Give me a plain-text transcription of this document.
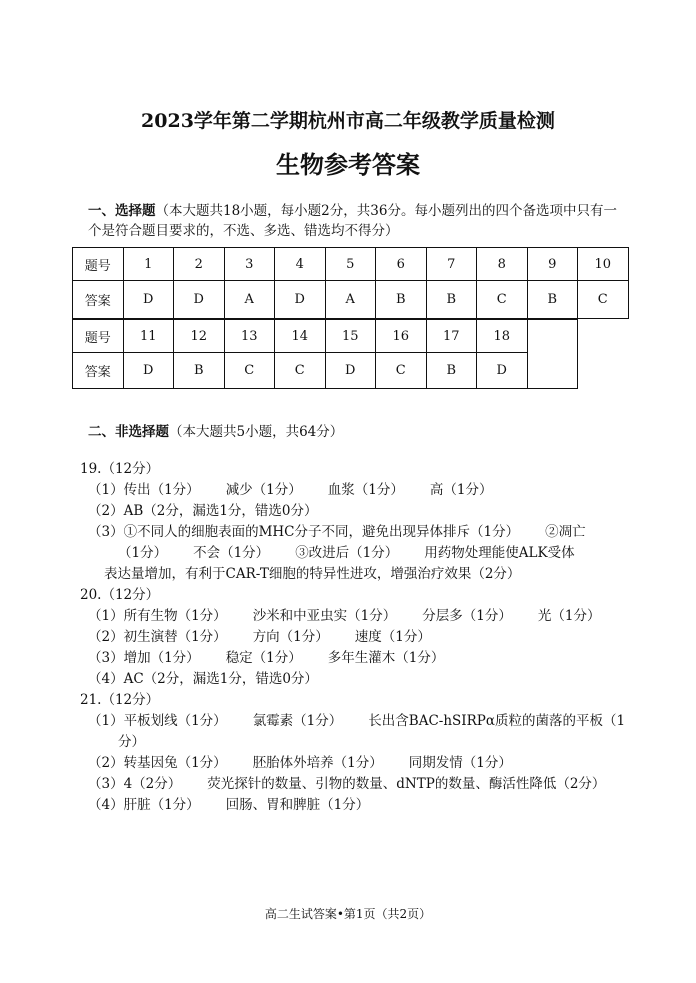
2023学年第二学期杭州市高二年级教学质量检测
生物参考答案
一、选择题（本大题共18小题，每小题2分，共36分。每小题列出的四个备选项中只有一个是符合题目要求的，不选、多选、错选均不得分）
题号	1	2	3	4	5	6	7	8	9	10
答案	D	D	A	D	A	B	B	C	B	C
题号	11	12	13	14	15	16	17	18	
答案	D	B	C	C	D	C	B	D	
二、非选择题（本大题共5小题，共64分）
19.（12分）
（1）传出（1分） 减少（1分） 血浆（1分） 高（1分）
（2）AB（2分，漏选1分，错选0分）
（3）①不同人的细胞表面的MHC分子不同，避免出现异体排斥（1分） ②凋亡
（1分） 不会（1分） ③改进后（1分） 用药物处理能使ALK受体
表达量增加，有利于CAR-T细胞的特异性进攻，增强治疗效果（2分）
20.（12分）
（1）所有生物（1分） 沙米和中亚虫实（1分） 分层多（1分） 光（1分）
（2）初生演替（1分） 方向（1分） 速度（1分）
（3）增加（1分） 稳定（1分） 多年生灌木（1分）
（4）AC（2分，漏选1分，错选0分）
21.（12分）
（1）平板划线（1分） 氯霉素（1分） 长出含BAC-hSIRPα质粒的菌落的平板（1
分）
（2）转基因兔（1分） 胚胎体外培养（1分） 同期发情（1分）
（3）4（2分） 荧光探针的数量、引物的数量、dNTP的数量、酶活性降低（2分）
（4）肝脏（1分） 回肠、胃和脾脏（1分）
高二生试答案•第1页（共2页）
